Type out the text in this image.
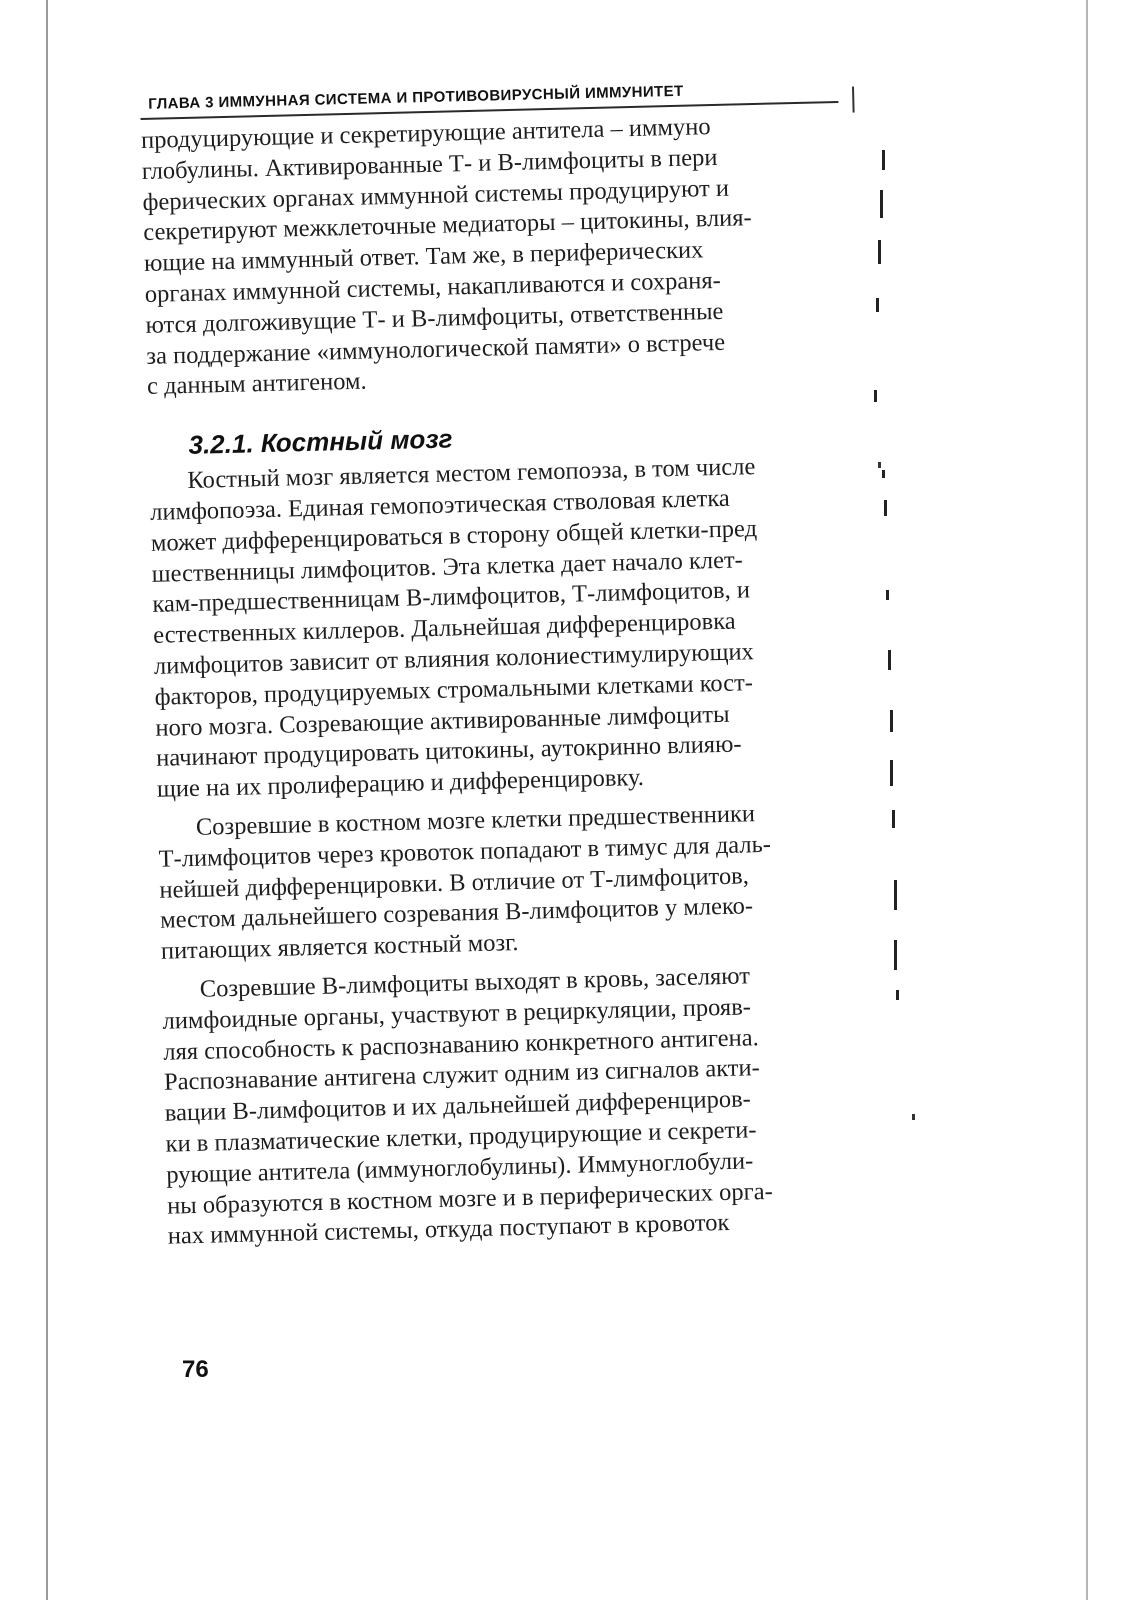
ГЛАВА 3 ИММУННАЯ СИСТЕМА И ПРОТИВОВИРУСНЫЙ ИММУНИТЕТ
продуцирующие и секретирующие антитела – иммуно
глобулины. Активированные Т- и В-лимфоциты в пери
ферических органах иммунной системы продуцируют и
секретируют межклеточные медиаторы – цитокины, влия-
ющие на иммунный ответ. Там же, в периферических
органах иммунной системы, накапливаются и сохраня-
ются долгоживущие Т- и В-лимфоциты, ответственные
за поддержание «иммунологической памяти» о встрече
с данным антигеном.
3.2.1. Костный мозг
Костный мозг является местом гемопоэза, в том числе
лимфопоэза. Единая гемопоэтическая стволовая клетка
может дифференцироваться в сторону общей клетки-пред
шественницы лимфоцитов. Эта клетка дает начало клет-
кам-предшественницам В-лимфоцитов, Т-лимфоцитов, и
естественных киллеров. Дальнейшая дифференцировка
лимфоцитов зависит от влияния колониестимулирующих
факторов, продуцируемых стромальными клетками кост-
ного мозга. Созревающие активированные лимфоциты
начинают продуцировать цитокины, аутокринно влияю-
щие на их пролиферацию и дифференцировку.
Созревшие в костном мозге клетки предшественники
Т-лимфоцитов через кровоток попадают в тимус для даль-
нейшей дифференцировки. В отличие от Т-лимфоцитов,
местом дальнейшего созревания В-лимфоцитов у млеко-
питающих является костный мозг.
Созревшие В-лимфоциты выходят в кровь, заселяют
лимфоидные органы, участвуют в рециркуляции, прояв-
ляя способность к распознаванию конкретного антигена.
Распознавание антигена служит одним из сигналов акти-
вации В-лимфоцитов и их дальнейшей дифференциров-
ки в плазматические клетки, продуцирующие и секрети-
рующие антитела (иммуноглобулины). Иммуноглобули-
ны образуются в костном мозге и в периферических орга-
нах иммунной системы, откуда поступают в кровоток
76
